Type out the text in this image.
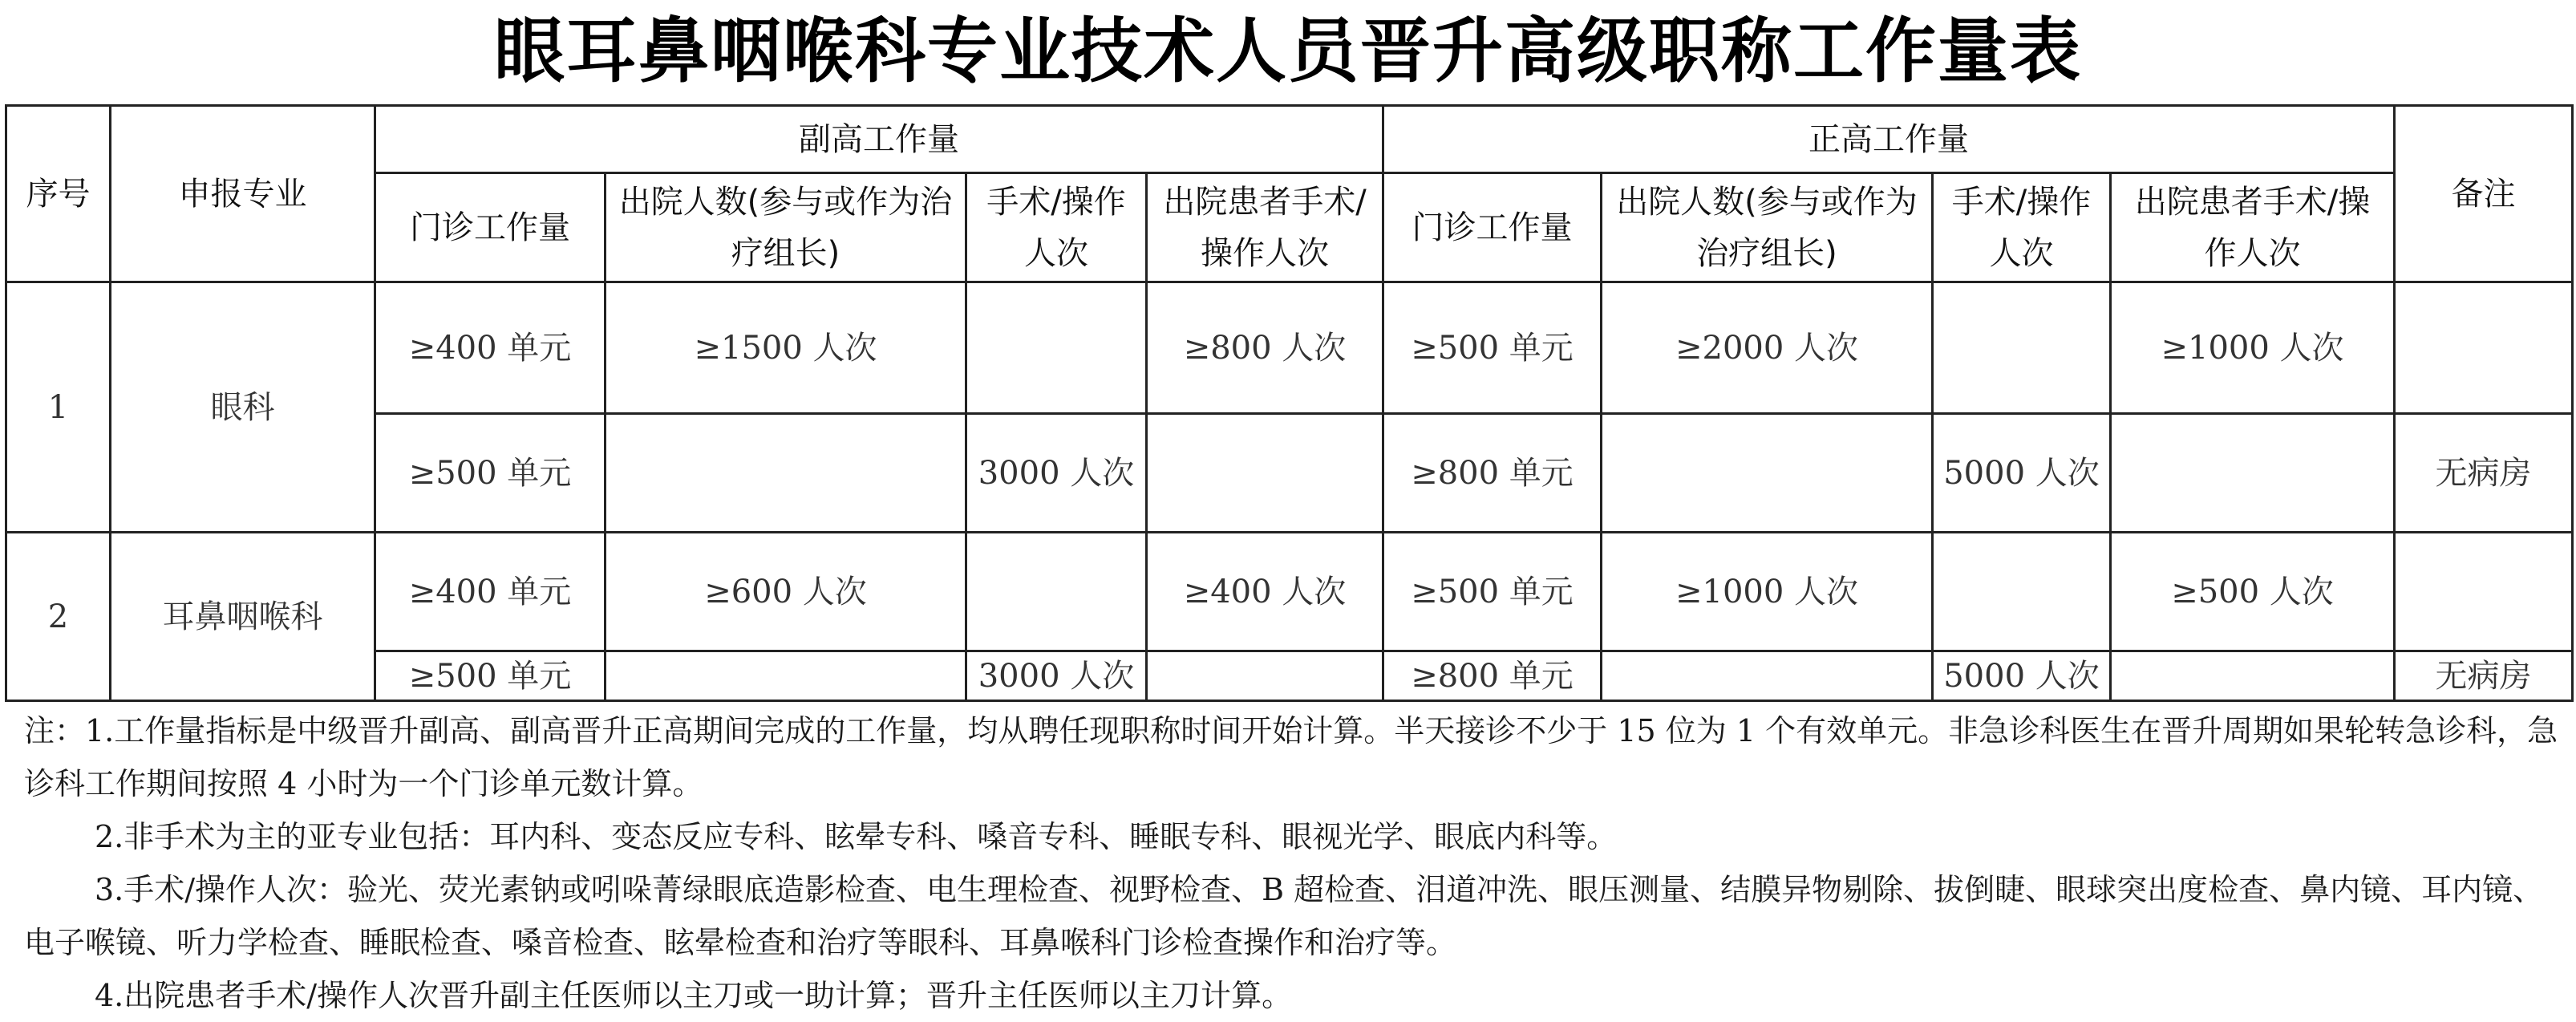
眼耳鼻咽喉科专业技术人员晋升高级职称工作量表
序号	申报专业	副高工作量				正高工作量				备注
		门诊工作量	出院人数(参与或作为治疗组长)	手术/操作人次	出院患者手术/操作人次	门诊工作量	出院人数(参与或作为治疗组长)	手术/操作人次	出院患者手术/操作人次	
1	眼科	≥400 单元	≥1500 人次		≥800 人次	≥500 单元	≥2000 人次		≥1000 人次	
		≥500 单元		3000 人次		≥800 单元		5000 人次		无病房
2	耳鼻咽喉科	≥400 单元	≥600 人次		≥400 人次	≥500 单元	≥1000 人次		≥500 人次	
		≥500 单元		3000 人次		≥800 单元		5000 人次		无病房

注：1.工作量指标是中级晋升副高、副高晋升正高期间完成的工作量，均从聘任现职称时间开始计算。半天接诊不少于 15 位为 1 个有效单元。非急诊科医生在晋升周期如果轮转急诊科，急诊科工作期间按照 4 小时为一个门诊单元数计算。

2.非手术为主的亚专业包括：耳内科、变态反应专科、眩晕专科、嗓音专科、睡眠专科、眼视光学、眼底内科等。

3.手术/操作人次：验光、荧光素钠或吲哚菁绿眼底造影检查、电生理检查、视野检查、B 超检查、泪道冲洗、眼压测量、结膜异物剔除、拔倒睫、眼球突出度检查、鼻内镜、耳内镜、电子喉镜、听力学检查、睡眠检查、嗓音检查、眩晕检查和治疗等眼科、耳鼻喉科门诊检查操作和治疗等。

4.出院患者手术/操作人次晋升副主任医师以主刀或一助计算；晋升主任医师以主刀计算。
